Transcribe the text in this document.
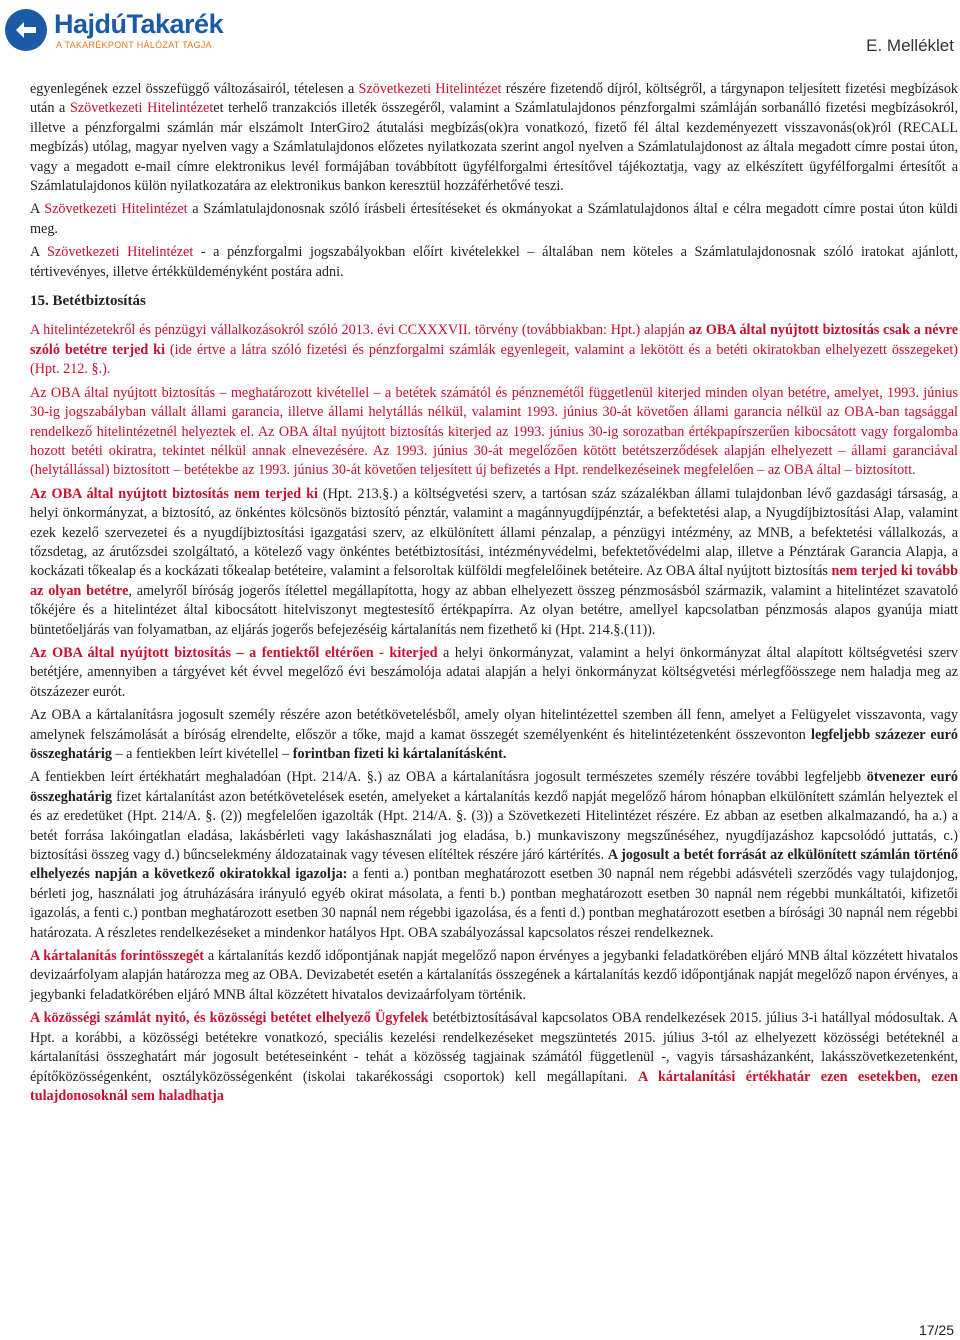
HajdúTakarék
A TAKARÉKPONT HÁLÓZAT TAGJA	E. Melléklet

egyenlegének ezzel összefüggő változásairól, tételesen a Szövetkezeti Hitelintézet részére fizetendő díjról, költségről, a tárgynapon teljesített fizetési megbízások után a Szövetkezeti Hitelintézetet terhelő tranzakciós illeték összegéről, valamint a Számlatulajdonos pénzforgalmi számláján sorbanálló fizetési megbízásokról, illetve a pénzforgalmi számlán már elszámolt InterGiro2 átutalási megbízás(ok)ra vonatkozó, fizető fél által kezdeményezett visszavonás(ok)ról (RECALL megbízás) utólag, magyar nyelven vagy a Számlatulajdonos előzetes nyilatkozata szerint angol nyelven a Számlatulajdonost az általa megadott címre postai úton, vagy a megadott e-mail címre elektronikus levél formájában továbbított ügyfélforgalmi értesítővel tájékoztatja, vagy az elkészített ügyfélforgalmi értesítőt a Számlatulajdonos külön nyilatkozatára az elektronikus bankon keresztül hozzáférhetővé teszi.

A Szövetkezeti Hitelintézet a Számlatulajdonosnak szóló írásbeli értesítéseket és okmányokat a Számlatulajdonos által e célra megadott címre postai úton küldi meg.

A Szövetkezeti Hitelintézet - a pénzforgalmi jogszabályokban előírt kivételekkel – általában nem köteles a Számlatulajdonosnak szóló iratokat ajánlott, tértivevényes, illetve értékküldeményként postára adni.

15. Betétbiztosítás

A hitelintézetekről és pénzügyi vállalkozásokról szóló 2013. évi CCXXXVII. törvény (továbbiakban: Hpt.) alapján az OBA által nyújtott biztosítás csak a névre szóló betétre terjed ki (ide értve a látra szóló fizetési és pénzforgalmi számlák egyenlegeit, valamint a lekötött és a betéti okiratokban elhelyezett összegeket) (Hpt. 212. §.).

Az OBA által nyújtott biztosítás – meghatározott kivétellel – a betétek számától és pénznemétől függetlenül kiterjed minden olyan betétre, amelyet, 1993. június 30-ig jogszabályban vállalt állami garancia, illetve állami helytállás nélkül, valamint 1993. június 30-át követően állami garancia nélkül az OBA-ban tagsággal rendelkező hitelintézetnél helyeztek el. Az OBA által nyújtott biztosítás kiterjed az 1993. június 30-ig sorozatban értékpapírszerűen kibocsátott vagy forgalomba hozott betéti okiratra, tekintet nélkül annak elnevezésére. Az 1993. június 30-át megelőzően kötött betétszerződések alapján elhelyezett – állami garanciával (helytállással) biztosított – betétekbe az 1993. június 30-át követően teljesített új befizetés a Hpt. rendelkezéseinek megfelelően – az OBA által – biztosított.

Az OBA által nyújtott biztosítás nem terjed ki (Hpt. 213.§.) a költségvetési szerv, a tartósan száz százalékban állami tulajdonban lévő gazdasági társaság, a helyi önkormányzat, a biztosító, az önkéntes kölcsönös biztosító pénztár, valamint a magánnyugdíjpénztár, a befektetési alap, a Nyugdíjbiztosítási Alap, valamint ezek kezelő szervezetei és a nyugdíjbiztosítási igazgatási szerv, az elkülönített állami pénzalap, a pénzügyi intézmény, az MNB, a befektetési vállalkozás, a tőzsdetag, az árutőzsdei szolgáltató, a kötelező vagy önkéntes betétbiztosítási, intézményvédelmi, befektetővédelmi alap, illetve a Pénztárak Garancia Alapja, a kockázati tőkealap és a kockázati tőkealap betéteire, valamint a felsoroltak külföldi megfelelőinek betéteire. Az OBA által nyújtott biztosítás nem terjed ki tovább az olyan betétre, amelyről bíróság jogerős ítélettel megállapította, hogy az abban elhelyezett összeg pénzmosásból származik, valamint a hitelintézet szavatoló tőkéjére és a hitelintézet által kibocsátott hitelviszonyt megtestesítő értékpapírra. Az olyan betétre, amellyel kapcsolatban pénzmosás alapos gyanúja miatt büntetőeljárás van folyamatban, az eljárás jogerős befejezéséig kártalanítás nem fizethető ki (Hpt. 214.§.(11)).

Az OBA által nyújtott biztosítás – a fentiektől eltérően - kiterjed a helyi önkormányzat, valamint a helyi önkormányzat által alapított költségvetési szerv betétjére, amennyiben a tárgyévet két évvel megelőző évi beszámolója adatai alapján a helyi önkormányzat költségvetési mérlegfőösszege nem haladja meg az ötszázezer eurót.

Az OBA a kártalanításra jogosult személy részére azon betétkövetelésből, amely olyan hitelintézettel szemben áll fenn, amelyet a Felügyelet visszavonta, vagy amelynek felszámolását a bíróság elrendelte, először a tőke, majd a kamat összegét személyenként és hitelintézetenként összevonton legfeljebb százezer euró összeghatárig – a fentiekben leírt kivétellel – forintban fizeti ki kártalanításként.

A fentiekben leírt értékhatárt meghaladóan (Hpt. 214/A. §.) az OBA a kártalanításra jogosult természetes személy részére további legfeljebb ötvenezer euró összeghatárig fizet kártalanítást azon betétkövetelések esetén, amelyeket a kártalanítás kezdő napját megelőző három hónapban elkülönített számlán helyeztek el és az eredetüket (Hpt. 214/A. §. (2)) megfelelően igazolták (Hpt. 214/A. §. (3)) a Szövetkezeti Hitelintézet részére. Ez abban az esetben alkalmazandó, ha a.) a betét forrása lakóingatlan eladása, lakásbérleti vagy lakáshasználati jog eladása, b.) munkaviszony megszűnéséhez, nyugdíjazáshoz kapcsolódó juttatás, c.) biztosítási összeg vagy d.) bűncselekmény áldozatainak vagy tévesen elítéltek részére járó kártérítés. A jogosult a betét forrását az elkülönített számlán történő elhelyezés napján a következő okiratokkal igazolja: a fenti a.) pontban meghatározott esetben 30 napnál nem régebbi adásvételi szerződés vagy tulajdonjog, bérleti jog, használati jog átruházására irányuló egyéb okirat másolata, a fenti b.) pontban meghatározott esetben 30 napnál nem régebbi munkáltatói, kifizetői igazolás, a fenti c.) pontban meghatározott esetben 30 napnál nem régebbi igazolása, és a fenti d.) pontban meghatározott esetben a bírósági 30 napnál nem régebbi határozata. A részletes rendelkezéseket a mindenkor hatályos Hpt. OBA szabályozással kapcsolatos részei rendelkeznek.

A kártalanítás forintösszegét a kártalanítás kezdő időpontjának napját megelőző napon érvényes a jegybanki feladatkörében eljáró MNB által közzétett hivatalos devizaárfolyam alapján határozza meg az OBA. Devizabetét esetén a kártalanítás összegének a kártalanítás kezdő időpontjának napját megelőző napon érvényes, a jegybanki feladatkörében eljáró MNB által közzétett hivatalos devizaárfolyam történik.

A közösségi számlát nyitó, és közösségi betétet elhelyező Ügyfelek betétbiztosításával kapcsolatos OBA rendelkezések 2015. július 3-i hatállyal módosultak. A Hpt. a korábbi, a közösségi betétekre vonatkozó, speciális kezelési rendelkezéseket megszüntetés 2015. július 3-tól az elhelyezett közösségi betéteknél a kártalanítási összeghatárt már jogosult betéteseinként - tehát a közösség tagjainak számától függetlenül -, vagyis társasházanként, lakásszövetkezetenként, építőközösségenként, osztályközösségenként (iskolai takarékossági csoportok) kell megállapítani. A kártalanítási értékhatár ezen esetekben, ezen tulajdonosoknál sem haladhatja

17/25
